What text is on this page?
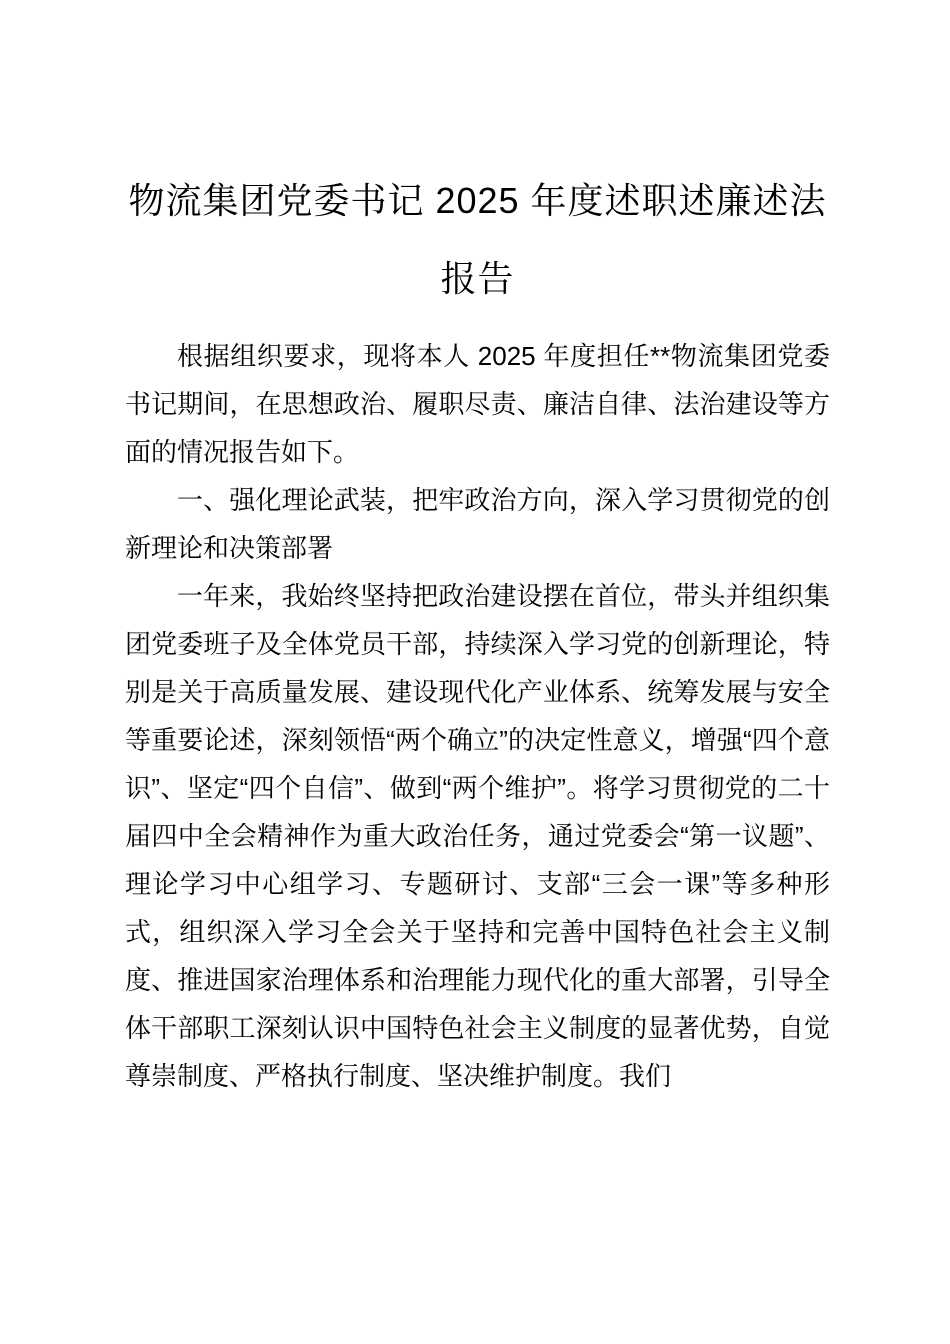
物流集团党委书记 2025 年度述职述廉述法
报告

根据组织要求，现将本人 2025 年度担任**物流集团党委书记期间，在思想政治、履职尽责、廉洁自律、法治建设等方面的情况报告如下。

一、强化理论武装，把牢政治方向，深入学习贯彻党的创新理论和决策部署

一年来，我始终坚持把政治建设摆在首位，带头并组织集团党委班子及全体党员干部，持续深入学习党的创新理论，特别是关于高质量发展、建设现代化产业体系、统筹发展与安全等重要论述，深刻领悟“两个确立”的决定性意义，增强“四个意识”、坚定“四个自信”、做到“两个维护”。将学习贯彻党的二十届四中全会精神作为重大政治任务，通过党委会“第一议题”、理论学习中心组学习、专题研讨、支部“三会一课”等多种形式，组织深入学习全会关于坚持和完善中国特色社会主义制度、推进国家治理体系和治理能力现代化的重大部署，引导全体干部职工深刻认识中国特色社会主义制度的显著优势，自觉尊崇制度、严格执行制度、坚决维护制度。我们
